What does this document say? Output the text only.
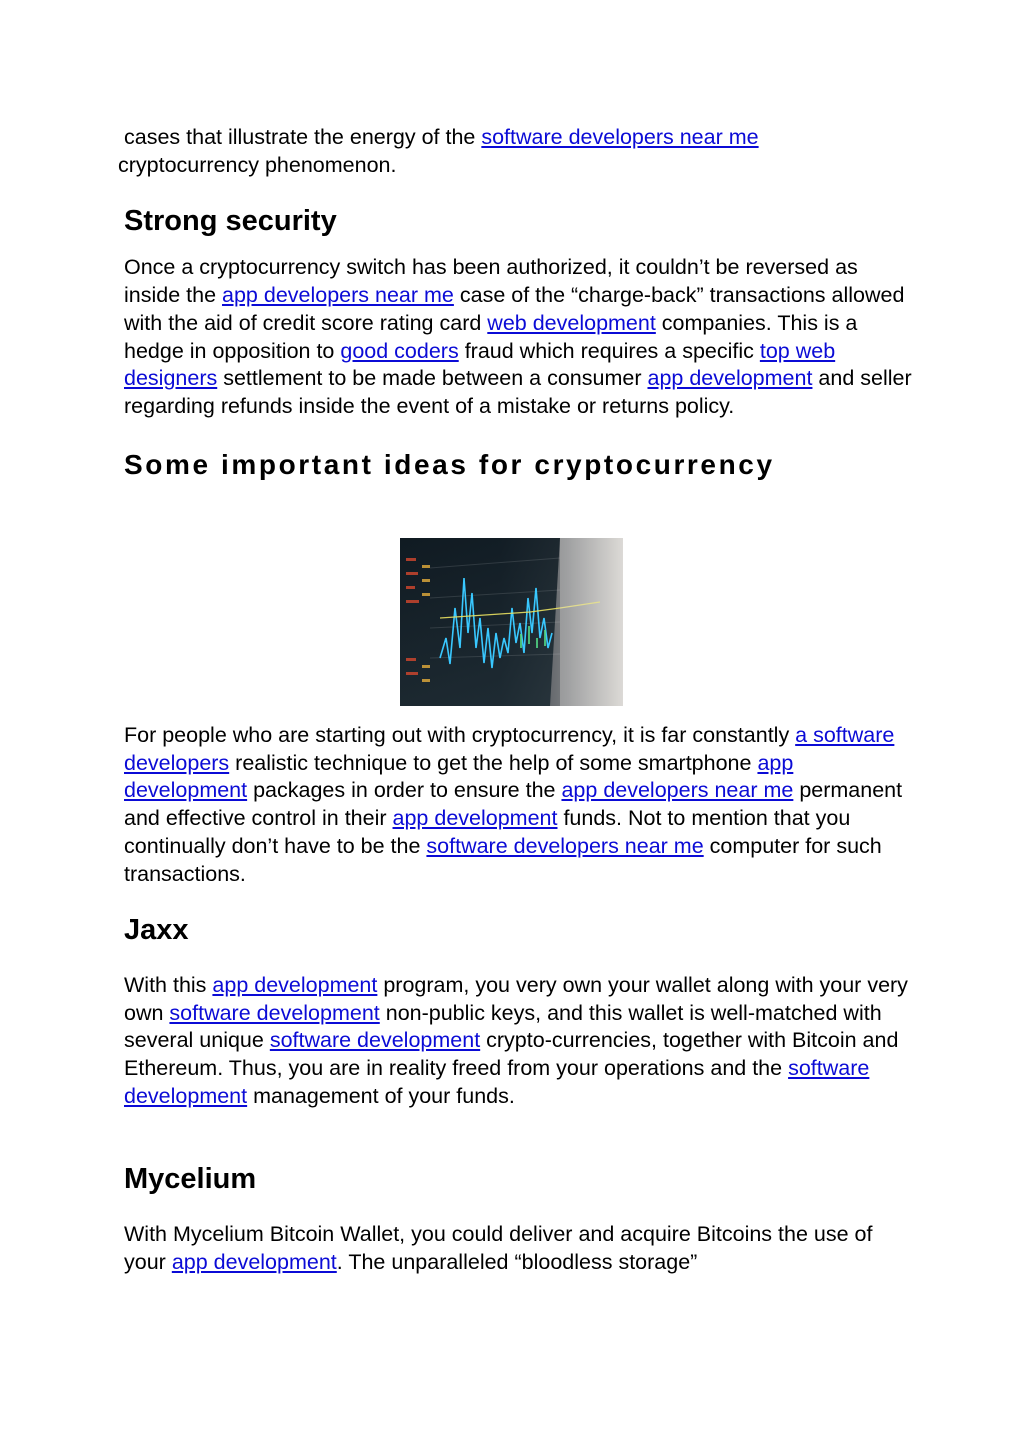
cases that illustrate the energy of the software developers near me
cryptocurrency phenomenon.

Strong security

Once a cryptocurrency switch has been authorized, it couldn’t be reversed as inside the app developers near me case of the “charge-back” transactions allowed with the aid of credit score rating card web development companies. This is a hedge in opposition to good coders fraud which requires a specific top web designers settlement to be made between a consumer app development and seller regarding refunds inside the event of a mistake or returns policy.

Some important ideas for cryptocurrency

For people who are starting out with cryptocurrency, it is far constantly a software developers realistic technique to get the help of some smartphone app development packages in order to ensure the app developers near me permanent and effective control in their app development funds. Not to mention that you continually don’t have to be the software developers near me computer for such transactions.

Jaxx

With this app development program, you very own your wallet along with your very own software development non-public keys, and this wallet is well-matched with several unique software development crypto-currencies, together with Bitcoin and Ethereum. Thus, you are in reality freed from your operations and the software development management of your funds.

Mycelium

With Mycelium Bitcoin Wallet, you could deliver and acquire Bitcoins the use of your app development. The unparalleled “bloodless storage”
